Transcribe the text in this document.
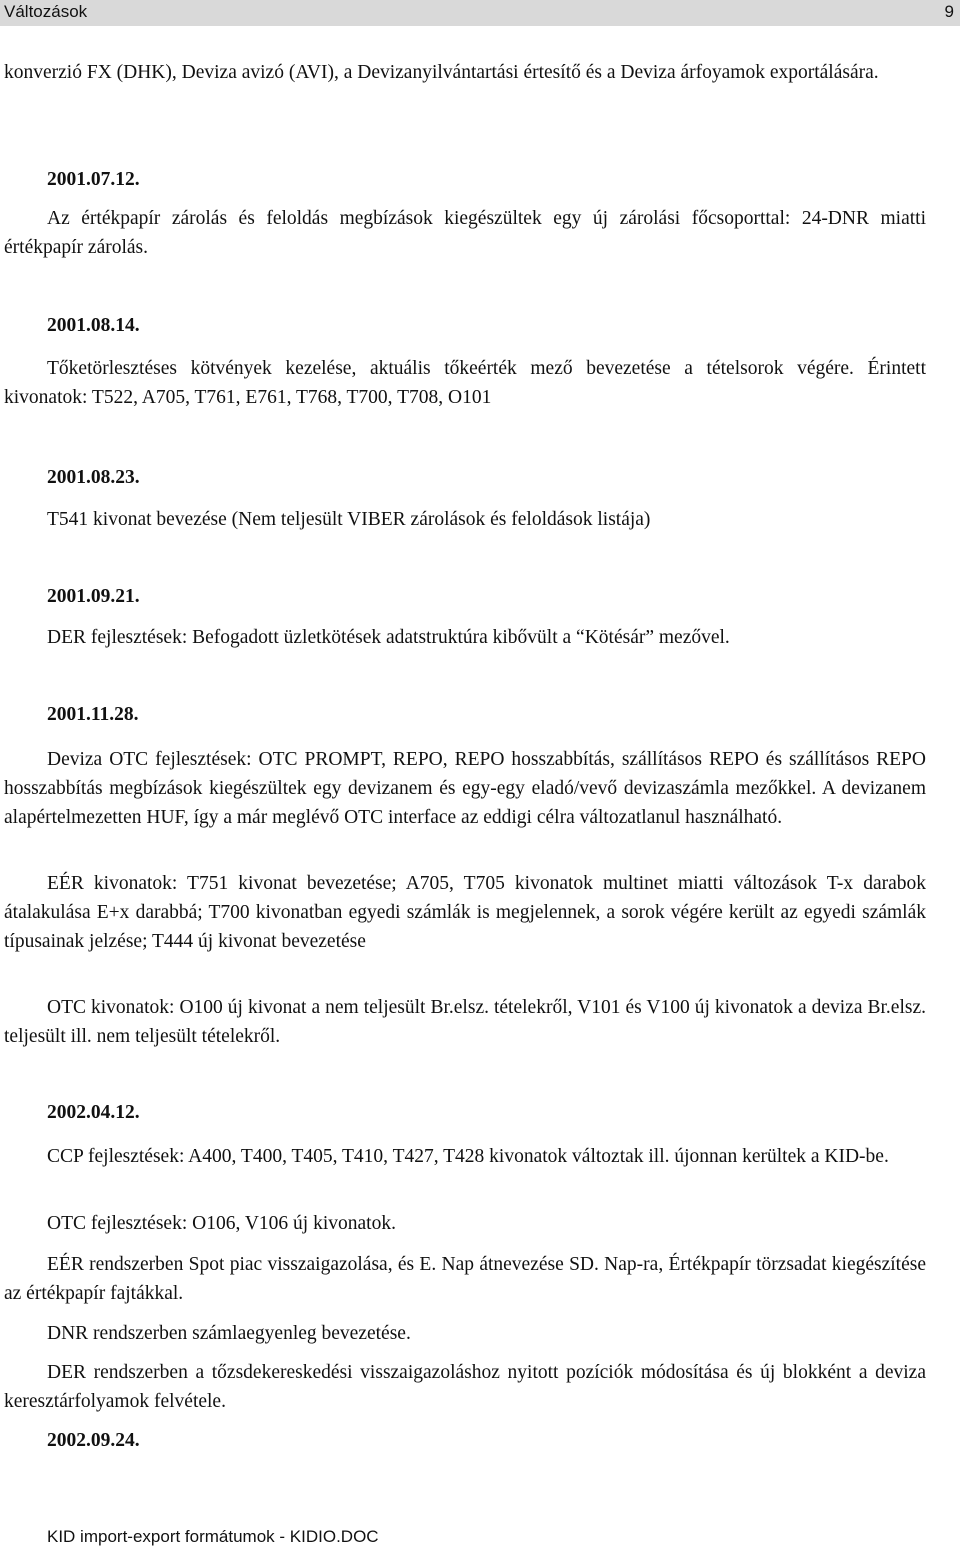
Változások	9

konverzió FX (DHK), Deviza avizó (AVI), a Devizanyilvántartási értesítő és a Deviza árfoyamok exportálására.

2001.07.12.

Az értékpapír zárolás és feloldás megbízások kiegészültek egy új zárolási főcsoporttal: 24-DNR miatti értékpapír zárolás.

2001.08.14.

Tőketörlesztéses kötvények kezelése, aktuális tőkeérték mező bevezetése a tételsorok végére. Érintett kivonatok: T522, A705, T761, E761, T768, T700, T708, O101

2001.08.23.

T541 kivonat bevezése (Nem teljesült VIBER zárolások és feloldások listája)

2001.09.21.

DER fejlesztések: Befogadott üzletkötések adatstruktúra kibővült a “Kötésár” mezővel.

2001.11.28.

Deviza OTC fejlesztések: OTC PROMPT, REPO, REPO hosszabbítás, szállításos REPO és szállításos REPO hosszabbítás megbízások kiegészültek egy devizanem és egy-egy eladó/vevő devizaszámla mezőkkel. A devizanem alapértelmezetten HUF, így a már meglévő OTC interface az eddigi célra változatlanul használható.

EÉR kivonatok: T751 kivonat bevezetése; A705, T705 kivonatok multinet miatti változások T-x darabok átalakulása E+x darabbá; T700 kivonatban egyedi számlák is megjelennek, a sorok végére került az egyedi számlák típusainak jelzése; T444 új kivonat bevezetése

OTC kivonatok: O100 új kivonat a nem teljesült Br.elsz. tételekről, V101 és V100 új kivonatok a deviza Br.elsz. teljesült ill. nem teljesült tételekről.

2002.04.12.

CCP fejlesztések: A400, T400, T405, T410, T427, T428 kivonatok változtak ill. újonnan kerültek a KID-be.

OTC fejlesztések: O106, V106 új kivonatok.

EÉR rendszerben Spot piac visszaigazolása, és E. Nap átnevezése SD. Nap-ra, Értékpapír törzsadat kiegészítése az értékpapír fajtákkal.

DNR rendszerben számlaegyenleg bevezetése.

DER rendszerben a tőzsdekereskedési visszaigazoláshoz nyitott pozíciók módosítása és új blokként a deviza keresztárfolyamok felvétele.

2002.09.24.

KID import-export formátumok - KIDIO.DOC
